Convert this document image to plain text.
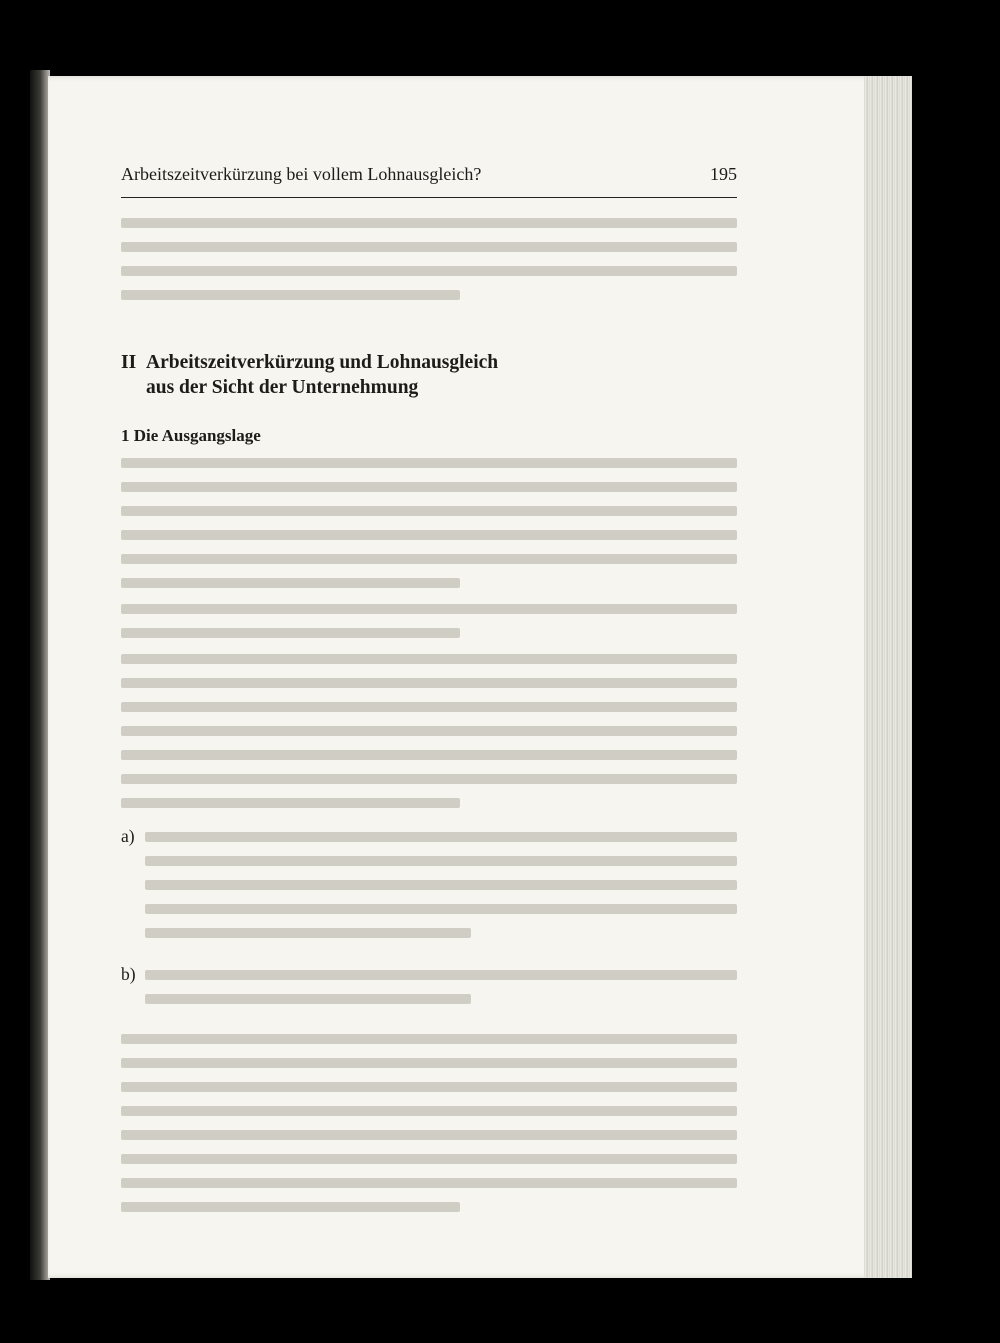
Arbeitszeitverkürzung bei vollem Lohnausgleich?	195
II Arbeitszeitverkürzung und Lohnausgleich
aus der Sicht der Unternehmung
1 Die Ausgangslage
a)
b)
